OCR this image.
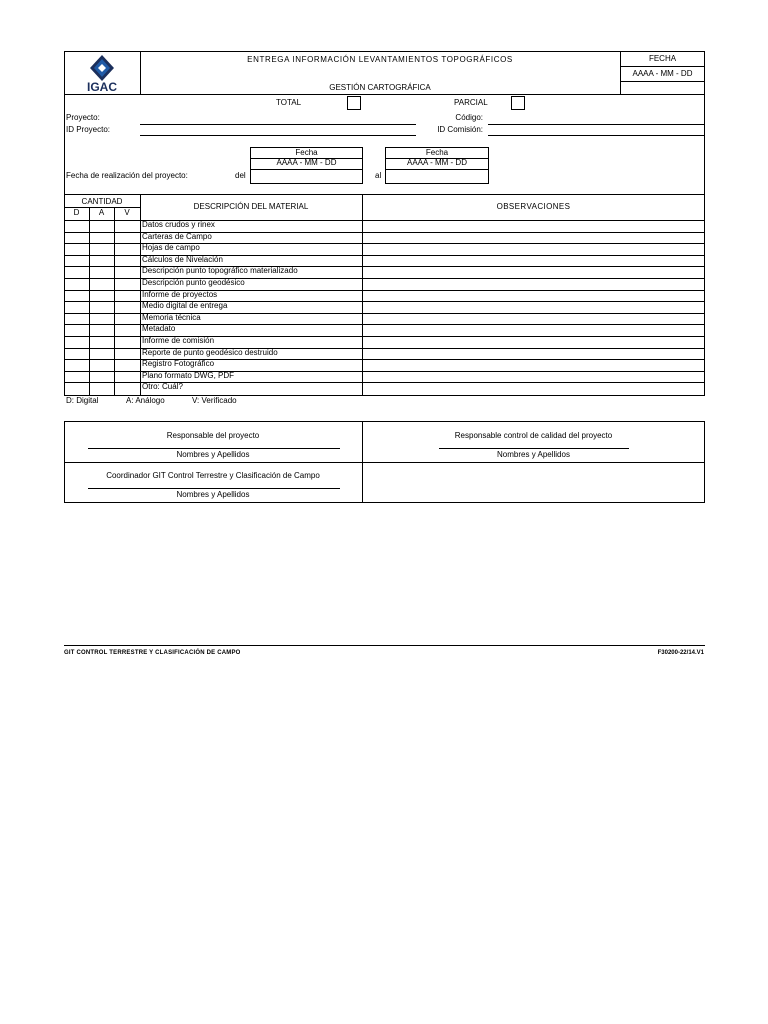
IGAC
ENTREGA INFORMACIÓN LEVANTAMIENTOS TOPOGRÁFICOS
GESTIÓN CARTOGRÁFICA
FECHA
AAAA - MM - DD
TOTAL	PARCIAL
Proyecto:	Código:
ID Proyecto:	ID Comisión:
Fecha
AAAA - MM - DD
Fecha
AAAA - MM - DD
Fecha de realización del proyecto:	del	al
CANTIDAD
D	A	V
DESCRIPCIÓN DEL MATERIAL	OBSERVACIONES
Datos crudos y rinex
Carteras de Campo
Hojas de campo
Cálculos de Nivelación
Descripción punto topográfico materializado
Descripción punto geodésico
Informe de proyectos
Medio digital de entrega
Memoria técnica
Metadato
Informe de comisión
Reporte de punto geodésico destruido
Registro Fotográfico
Plano formato DWG, PDF
Otro: Cuál?
D: Digital	A: Análogo	V: Verificado
Responsable del proyecto
Nombres y Apellidos
Responsable control de calidad del proyecto
Nombres y Apellidos
Coordinador GIT Control Terrestre y Clasificación de Campo
Nombres y Apellidos
GIT CONTROL TERRESTRE Y CLASIFICACIÓN DE CAMPO	F30200-22/14.V1
